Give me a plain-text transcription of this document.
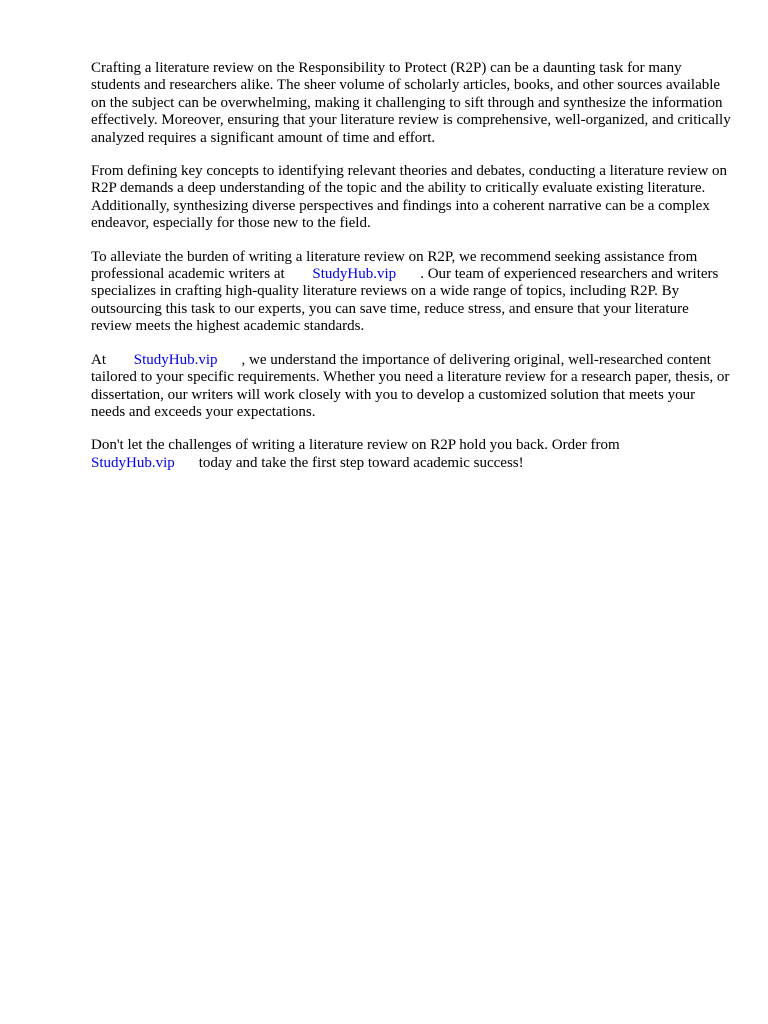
Crafting a literature review on the Responsibility to Protect (R2P) can be a daunting task for many students and researchers alike. The sheer volume of scholarly articles, books, and other sources available on the subject can be overwhelming, making it challenging to sift through and synthesize the information effectively. Moreover, ensuring that your literature review is comprehensive, well-organized, and critically analyzed requires a significant amount of time and effort.

From defining key concepts to identifying relevant theories and debates, conducting a literature review on R2P demands a deep understanding of the topic and the ability to critically evaluate existing literature. Additionally, synthesizing diverse perspectives and findings into a coherent narrative can be a complex endeavor, especially for those new to the field.

To alleviate the burden of writing a literature review on R2P, we recommend seeking assistance from professional academic writers at StudyHub.vip . Our team of experienced researchers and writers specializes in crafting high-quality literature reviews on a wide range of topics, including R2P. By outsourcing this task to our experts, you can save time, reduce stress, and ensure that your literature review meets the highest academic standards.

At StudyHub.vip , we understand the importance of delivering original, well-researched content tailored to your specific requirements. Whether you need a literature review for a research paper, thesis, or dissertation, our writers will work closely with you to develop a customized solution that meets your needs and exceeds your expectations.

Don't let the challenges of writing a literature review on R2P hold you back. Order from StudyHub.vip today and take the first step toward academic success!
